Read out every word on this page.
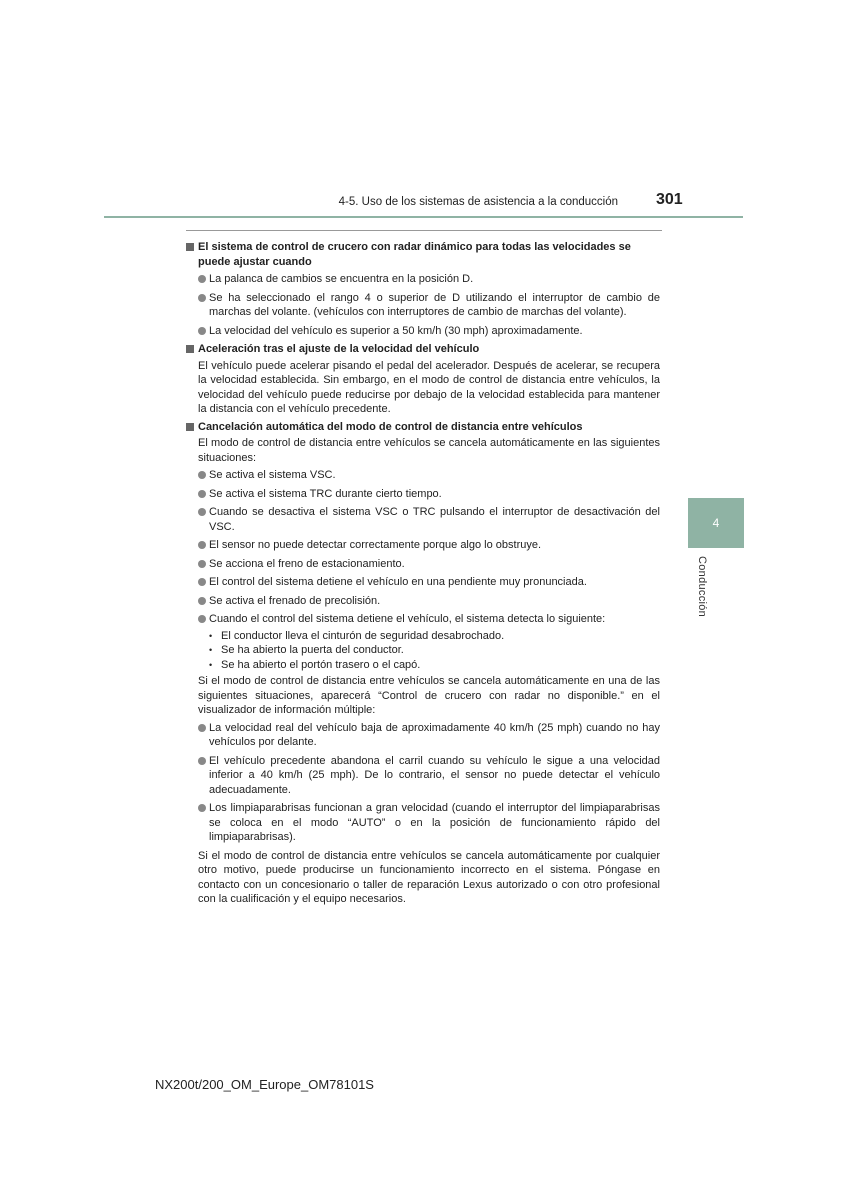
4-5. Uso de los sistemas de asistencia a la conducción 301
4
Conducción
El sistema de control de crucero con radar dinámico para todas las velocidades se puede ajustar cuando
La palanca de cambios se encuentra en la posición D.
Se ha seleccionado el rango 4 o superior de D utilizando el interruptor de cambio de marchas del volante. (vehículos con interruptores de cambio de marchas del volante).
La velocidad del vehículo es superior a 50 km/h (30 mph) aproximadamente.
Aceleración tras el ajuste de la velocidad del vehículo
El vehículo puede acelerar pisando el pedal del acelerador. Después de acelerar, se recupera la velocidad establecida. Sin embargo, en el modo de control de distancia entre vehículos, la velocidad del vehículo puede reducirse por debajo de la velocidad establecida para mantener la distancia con el vehículo precedente.
Cancelación automática del modo de control de distancia entre vehículos
El modo de control de distancia entre vehículos se cancela automáticamente en las siguientes situaciones:
Se activa el sistema VSC.
Se activa el sistema TRC durante cierto tiempo.
Cuando se desactiva el sistema VSC o TRC pulsando el interruptor de desactivación del VSC.
El sensor no puede detectar correctamente porque algo lo obstruye.
Se acciona el freno de estacionamiento.
El control del sistema detiene el vehículo en una pendiente muy pronunciada.
Se activa el frenado de precolisión.
Cuando el control del sistema detiene el vehículo, el sistema detecta lo siguiente:
• El conductor lleva el cinturón de seguridad desabrochado.
• Se ha abierto la puerta del conductor.
• Se ha abierto el portón trasero o el capó.
Si el modo de control de distancia entre vehículos se cancela automáticamente en una de las siguientes situaciones, aparecerá “Control de crucero con radar no disponible.” en el visualizador de información múltiple:
La velocidad real del vehículo baja de aproximadamente 40 km/h (25 mph) cuando no hay vehículos por delante.
El vehículo precedente abandona el carril cuando su vehículo le sigue a una velocidad inferior a 40 km/h (25 mph). De lo contrario, el sensor no puede detectar el vehículo adecuadamente.
Los limpiaparabrisas funcionan a gran velocidad (cuando el interruptor del limpiaparabrisas se coloca en el modo “AUTO” o en la posición de funcionamiento rápido del limpiaparabrisas).
Si el modo de control de distancia entre vehículos se cancela automáticamente por cualquier otro motivo, puede producirse un funcionamiento incorrecto en el sistema. Póngase en contacto con un concesionario o taller de reparación Lexus autorizado o con otro profesional con la cualificación y el equipo necesarios.
NX200t/200_OM_Europe_OM78101S
